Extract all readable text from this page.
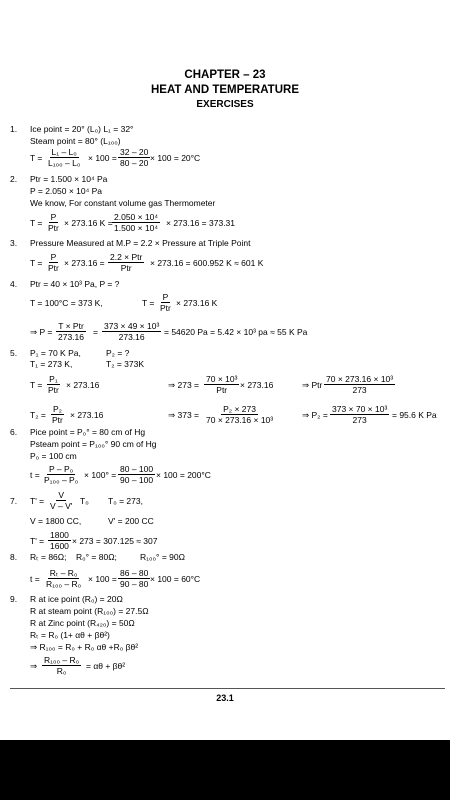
CHAPTER – 23
HEAT AND TEMPERATURE
EXERCISES
1. Ice point = 20° (L₀) L₁ = 32°
Steam point = 80° (L₁₀₀)
$T = \frac{\text{L₁ – L₀}}{\text{L₁₀₀ – L₀}} \times 100 = \frac{32 - 20}{80 - 20} \times 100 = 20^\circ C$
2. Ptr = 1.500 × 10⁴ Pa
P = 2.050 × 10⁴ Pa
We know, For constant volume gas Thermometer
T =
P
Ptr × 273.16 $K = \frac{\text{2.050 × 10⁴}}{\text{1.500 × 10⁴}} \times 273.16 = 373.31$
3. Pressure Measured at M.P = 2.2 × Pressure at Triple Point
T =
P
Ptr × 273.16 =
2.2 × Ptr
Ptr × 273.16 = 600.952 K ≈ 601 K
4. Ptr = 40 × 10³ Pa, P = ?
T = 100°C = 373 K,	T =
P
Ptr × 273.16 K
⇒ P =
T × Ptr
$273.16 = \frac{\text{373 × 49 × 10³}}{273.16} = 54620$ Pa = 5.42 × 10³ pa ≈ 55 K Pa
5. P₁ = 70 K Pa,	P₂ = ?
T₁ = 273 K,	T₂ = 373K
T =
P₁
Ptr × 273.16	⇒ 273 =
70 × 10³
Ptr × 273.16	⇒ Ptr $\frac{\text{70 × 273.16 × 10³}}{273}$
T₂ =
P₂
Ptr × 273.16	⇒ $373 = \frac{\text{P₂ × 273}}{\text{70 × 273.16 × 10³}}$	⇒ $P_2 = \frac{\text{373 × 70 × 10³}}{273} = 95.6$ K Pa
6. Pice point = P₀° = 80 cm of Hg
Psteam point = P₁₀₀° 90 cm of Hg
P₀ = 100 cm
$t = \frac{\text{P – P₀}}{\text{P₁₀₀ – P₀}} \times 100^\circ = \frac{80 - 100}{90 - 100} \times 100 = 200^\circ C$
7. $T' = \frac{V}{V - V'} T_0$ T₀ = 273,
V = 1800 CC,	V' = 200 CC
$T' = \frac{1800}{1600} \times 273 = 307.125 \approx 307$
8. Rₜ = 86Ω; R₀° = 80Ω;	R₁₀₀° = 90Ω
$t = \frac{\text{Rₜ – R₀}}{\text{R₁₀₀ – R₀}} \times 100 = \frac{86 - 80}{90 - 80} \times 100 = 60^\circ C$
9. R at ice point (R₀) = 20Ω
R at steam point (R₁₀₀) = 27.5Ω
R at Zinc point (R₄₂₀) = 50Ω
Rₜ = R₀ (1+ αθ + βθ²)
⇒ R₁₀₀ = R₀ + R₀ αθ +R₀ βθ²
⇒ $\frac{\text{R₁₀₀ – R₀}}{\text{R₀}} = \alpha\theta + \beta\theta^2$
23.1
